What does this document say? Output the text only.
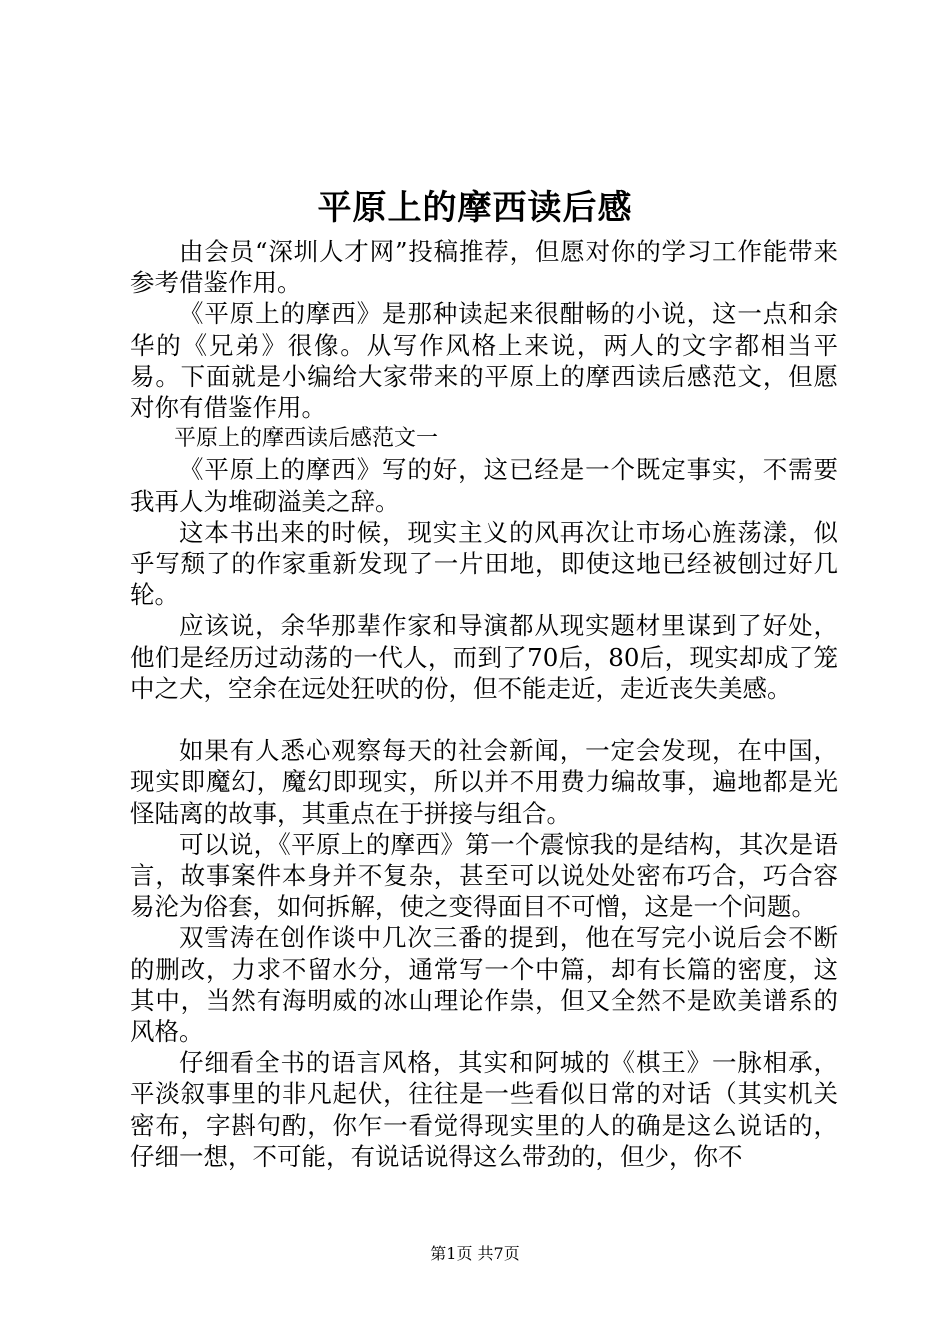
平原上的摩西读后感

由会员“深圳人才网”投稿推荐，但愿对你的学习工作能带来参考借鉴作用。

《平原上的摩西》是那种读起来很酣畅的小说，这一点和余华的《兄弟》很像。从写作风格上来说，两人的文字都相当平易。下面就是小编给大家带来的平原上的摩西读后感范文，但愿对你有借鉴作用。

平原上的摩西读后感范文一

《平原上的摩西》写的好，这已经是一个既定事实，不需要我再人为堆砌溢美之辞。

这本书出来的时候，现实主义的风再次让市场心旌荡漾，似乎写颓了的作家重新发现了一片田地，即使这地已经被刨过好几轮。

应该说，余华那辈作家和导演都从现实题材里谋到了好处，他们是经历过动荡的一代人，而到了70后，80后，现实却成了笼中之犬，空余在远处狂吠的份，但不能走近，走近丧失美感。

如果有人悉心观察每天的社会新闻，一定会发现，在中国，现实即魔幻，魔幻即现实，所以并不用费力编故事，遍地都是光怪陆离的故事，其重点在于拼接与组合。

可以说，《平原上的摩西》第一个震惊我的是结构，其次是语言，故事案件本身并不复杂，甚至可以说处处密布巧合，巧合容易沦为俗套，如何拆解，使之变得面目不可憎，这是一个问题。

双雪涛在创作谈中几次三番的提到，他在写完小说后会不断的删改，力求不留水分，通常写一个中篇，却有长篇的密度，这其中，当然有海明威的冰山理论作祟，但又全然不是欧美谱系的风格。

仔细看全书的语言风格，其实和阿城的《棋王》一脉相承，平淡叙事里的非凡起伏，往往是一些看似日常的对话（其实机关密布，字斟句酌，你乍一看觉得现实里的人的确是这么说话的，仔细一想，不可能，有说话说得这么带劲的，但少，你不

第1页 共7页
